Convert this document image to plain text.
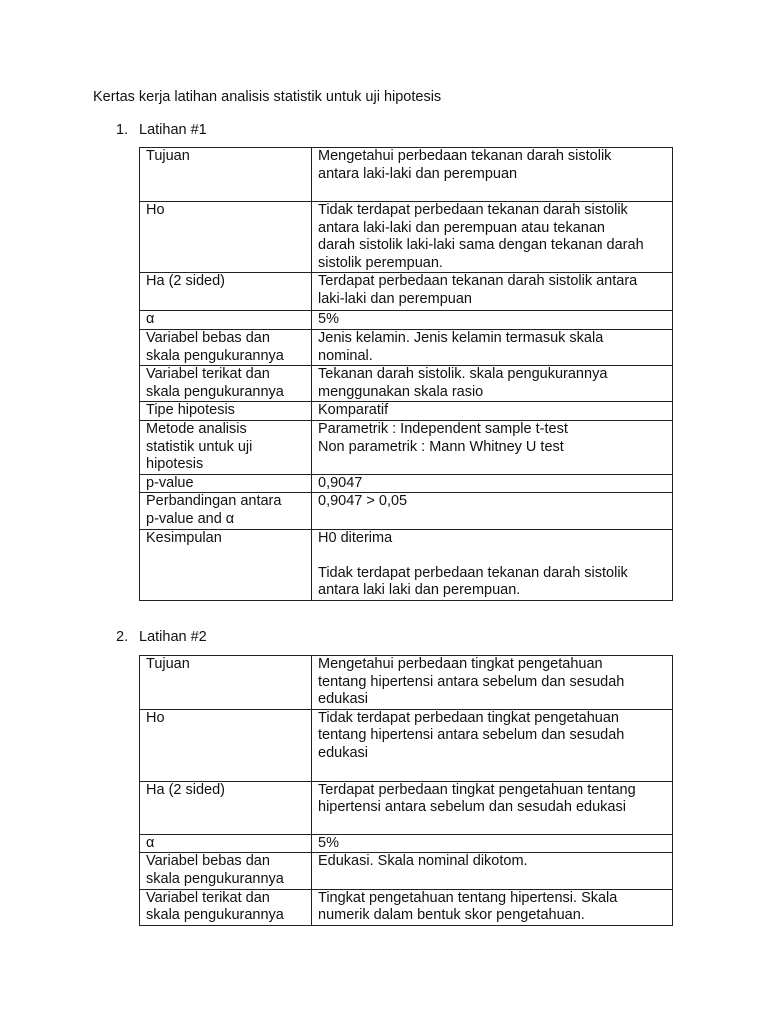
Kertas kerja latihan analisis statistik untuk uji hipotesis
1. Latihan #1
Tujuan	Mengetahui perbedaan tekanan darah sistolik
antara laki-laki dan perempuan

Ho	Tidak terdapat perbedaan tekanan darah sistolik
antara laki-laki dan perempuan atau tekanan
darah sistolik laki-laki sama dengan tekanan darah
sistolik perempuan.

Ha (2 sided)	Terdapat perbedaan tekanan darah sistolik antara
laki-laki dan perempuan

α	5%

Variabel bebas dan
skala pengukurannya	Jenis kelamin. Jenis kelamin termasuk skala
nominal.

Variabel terikat dan
skala pengukurannya	Tekanan darah sistolik. skala pengukurannya
menggunakan skala rasio

Tipe hipotesis	Komparatif

Metode analisis
statistik untuk uji
hipotesis	Parametrik : Independent sample t-test
Non parametrik : Mann Whitney U test

p-value	0,9047

Perbandingan antara
p-value and α	0,9047 > 0,05

Kesimpulan	H0 diterima

Tidak terdapat perbedaan tekanan darah sistolik
antara laki laki dan perempuan.
2. Latihan #2
Tujuan	Mengetahui perbedaan tingkat pengetahuan
tentang hipertensi antara sebelum dan sesudah
edukasi

Ho	Tidak terdapat perbedaan tingkat pengetahuan
tentang hipertensi antara sebelum dan sesudah
edukasi

Ha (2 sided)	Terdapat perbedaan tingkat pengetahuan tentang
hipertensi antara sebelum dan sesudah edukasi

α	5%

Variabel bebas dan
skala pengukurannya	Edukasi. Skala nominal dikotom.

Variabel terikat dan
skala pengukurannya	Tingkat pengetahuan tentang hipertensi. Skala
numerik dalam bentuk skor pengetahuan.
